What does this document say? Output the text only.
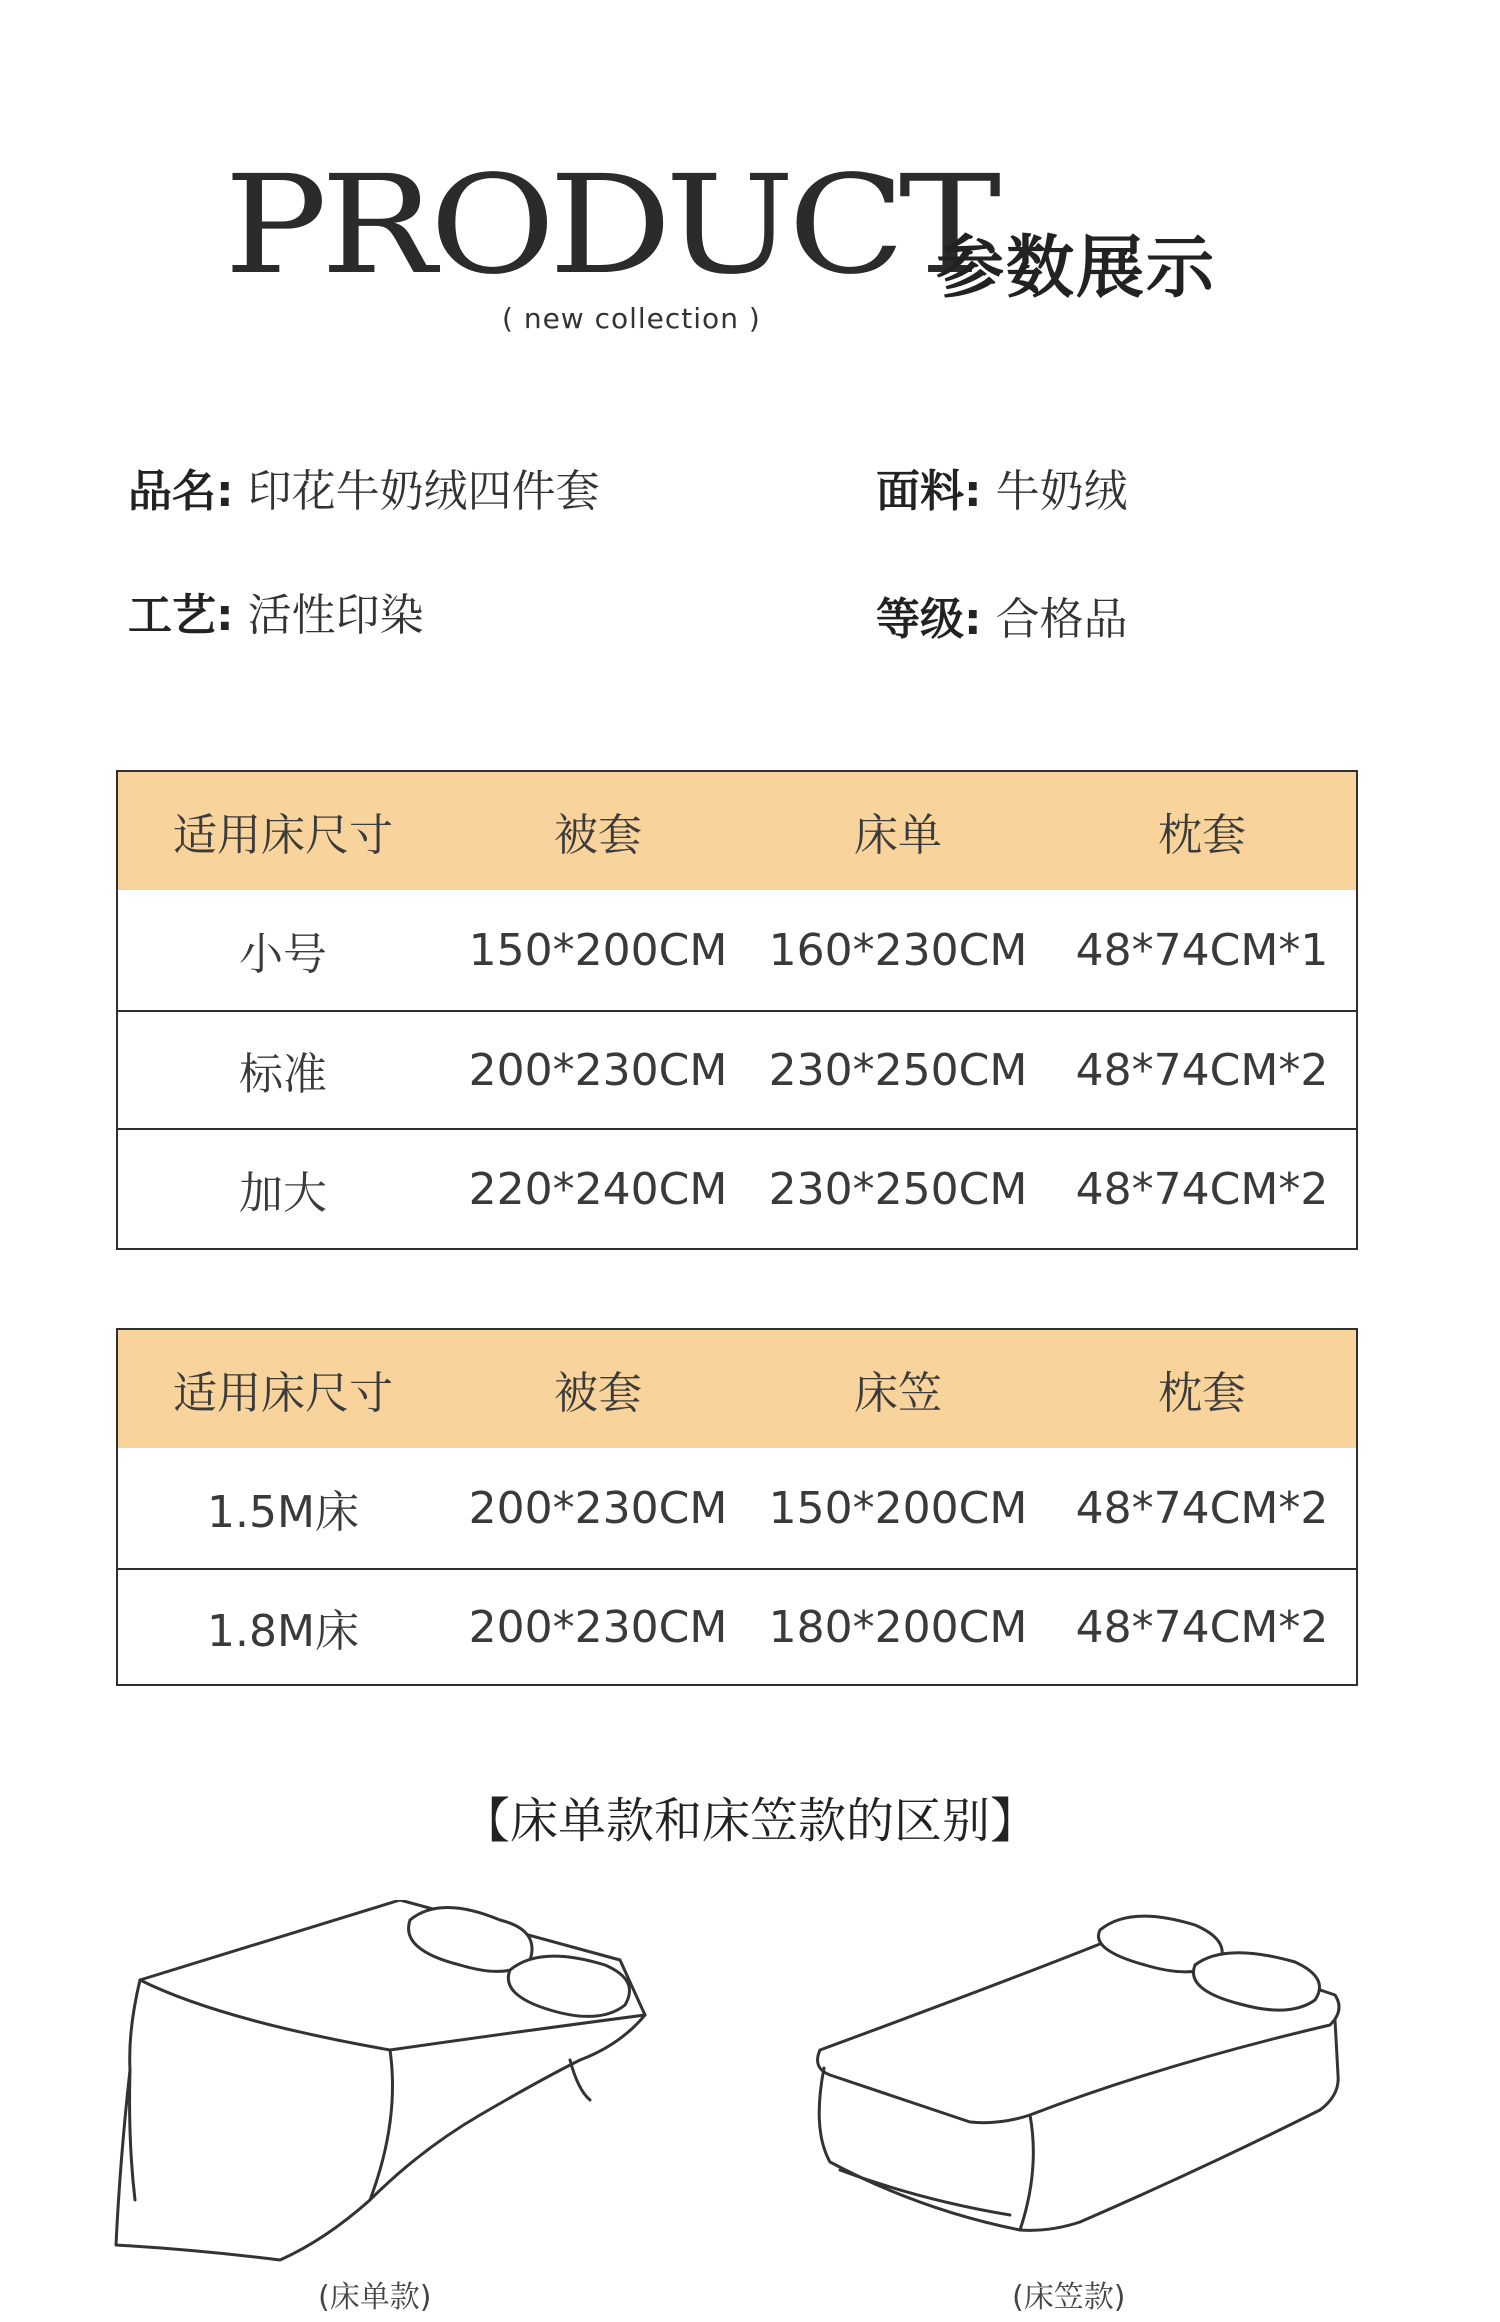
PRODUCT
参数展示
( new collection )
品名: 印花牛奶绒四件套	面料: 牛奶绒
工艺: 活性印染	等级: 合格品
适用床尺寸	被套	床单	枕套
小号	150*200CM 160*230CM	48*74CM*1
标准	200*230CM 230*250CM	48*74CM*2
加大	220*240CM 230*250CM	48*74CM*2
适用床尺寸	被套	床笠	枕套
1.5M床	200*230CM 150*200CM	48*74CM*2
1.8M床	200*230CM 180*200CM	48*74CM*2
【床单款和床笠款的区别】
(床单款)	(床笠款)
